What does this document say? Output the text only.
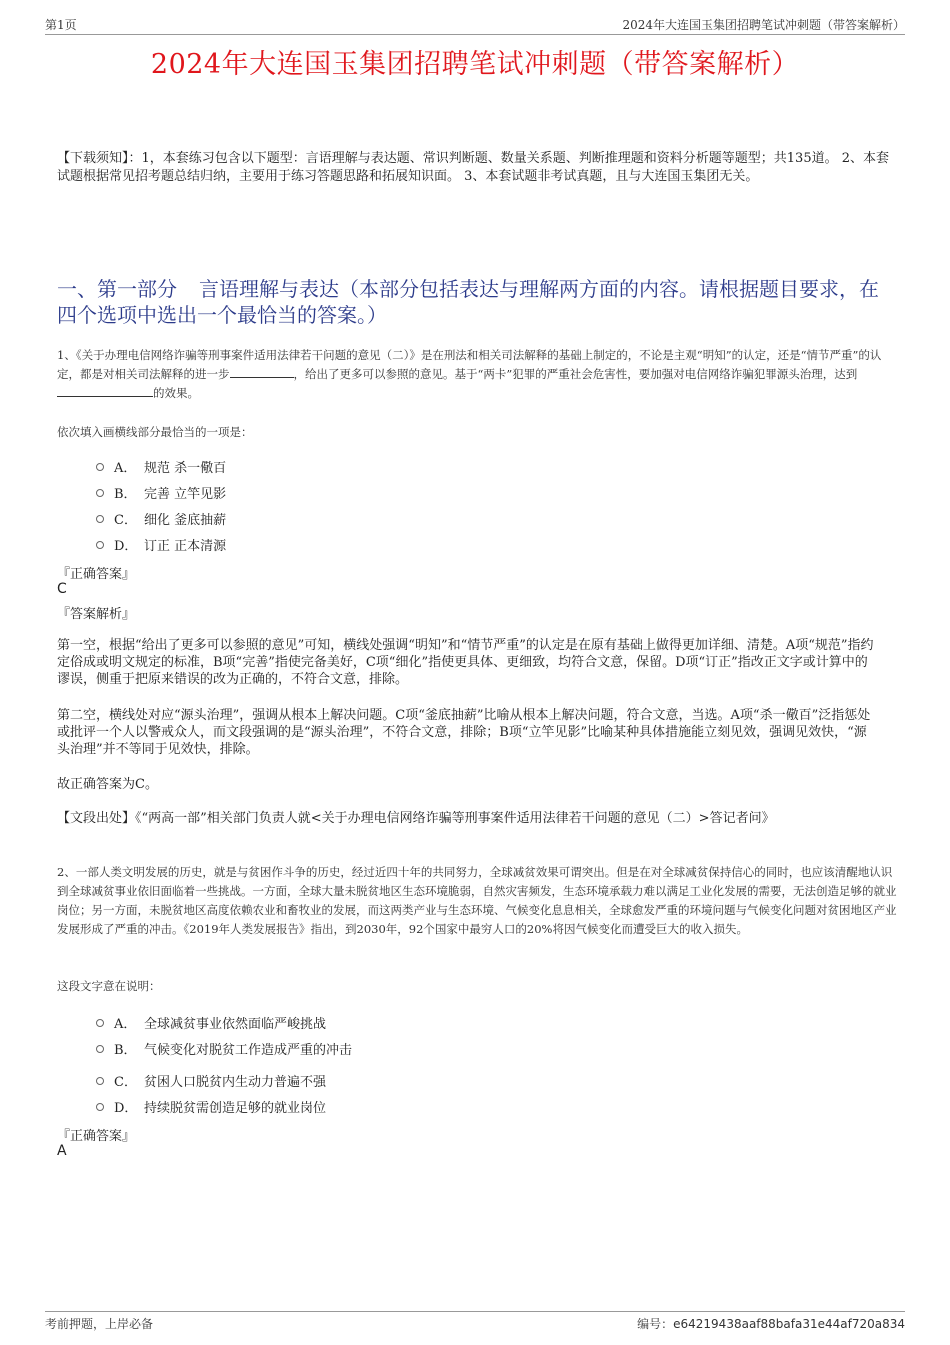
第1页	2024年大连国玉集团招聘笔试冲刺题（带答案解析）
2024年大连国玉集团招聘笔试冲刺题（带答案解析）
【下载须知】：1，本套练习包含以下题型：言语理解与表达题、常识判断题、数量关系题、判断推理题和资料分析题等题型；共135道。 2、本套试题根据常见招考题总结归纳，主要用于练习答题思路和拓展知识面。 3、本套试题非考试真题，且与大连国玉集团无关。
一、第一部分 言语理解与表达（本部分包括表达与理解两方面的内容。请根据题目要求，在四个选项中选出一个最恰当的答案。）
1、《关于办理电信网络诈骗等刑事案件适用法律若干问题的意见（二）》是在刑法和相关司法解释的基础上制定的，不论是主观“明知”的认定，还是“情节严重”的认定，都是对相关司法解释的进一步	，给出了更多可以参照的意见。基于“两卡”犯罪的严重社会危害性，要加强对电信网络诈骗犯罪源头治理，达到的效果。
依次填入画横线部分最恰当的一项是：
A． 规范 杀一儆百
B． 完善 立竿见影
C． 细化 釜底抽薪
D． 订正 正本清源
『正确答案』
C
『答案解析』
第一空，根据“给出了更多可以参照的意见”可知，横线处强调“明知”和“情节严重”的认定是在原有基础上做得更加详细、清楚。A项“规范”指约定俗成或明文规定的标准，B项“完善”指使完备美好，C项“细化”指使更具体、更细致，均符合文意，保留。D项“订正”指改正文字或计算中的谬误，侧重于把原来错误的改为正确的，不符合文意，排除。
第二空，横线处对应“源头治理”，强调从根本上解决问题。C项“釜底抽薪”比喻从根本上解决问题，符合文意，当选。A项“杀一儆百”泛指惩处或批评一个人以警戒众人，而文段强调的是“源头治理”，不符合文意，排除；B项“立竿见影”比喻某种具体措施能立刻见效，强调见效快，“源头治理”并不等同于见效快，排除。
故正确答案为C。
【文段出处】《“两高一部”相关部门负责人就<关于办理电信网络诈骗等刑事案件适用法律若干问题的意见（二）>答记者问》
2、一部人类文明发展的历史，就是与贫困作斗争的历史，经过近四十年的共同努力，全球减贫效果可谓突出。但是在对全球减贫保持信心的同时，也应该清醒地认识到全球减贫事业依旧面临着一些挑战。一方面，全球大量未脱贫地区生态环境脆弱，自然灾害频发，生态环境承载力难以满足工业化发展的需要，无法创造足够的就业岗位；另一方面，未脱贫地区高度依赖农业和畜牧业的发展，而这两类产业与生态环境、气候变化息息相关，全球愈发严重的环境问题与气候变化问题对贫困地区产业发展形成了严重的冲击。《2019年人类发展报告》指出，到2030年，92个国家中最穷人口的20%将因气候变化而遭受巨大的收入损失。
这段文字意在说明：
A． 全球减贫事业依然面临严峻挑战
B． 气候变化对脱贫工作造成严重的冲击
C． 贫困人口脱贫内生动力普遍不强
D． 持续脱贫需创造足够的就业岗位
『正确答案』
A
考前押题，上岸必备	编号：e64219438aaf88bafa31e44af720a834
